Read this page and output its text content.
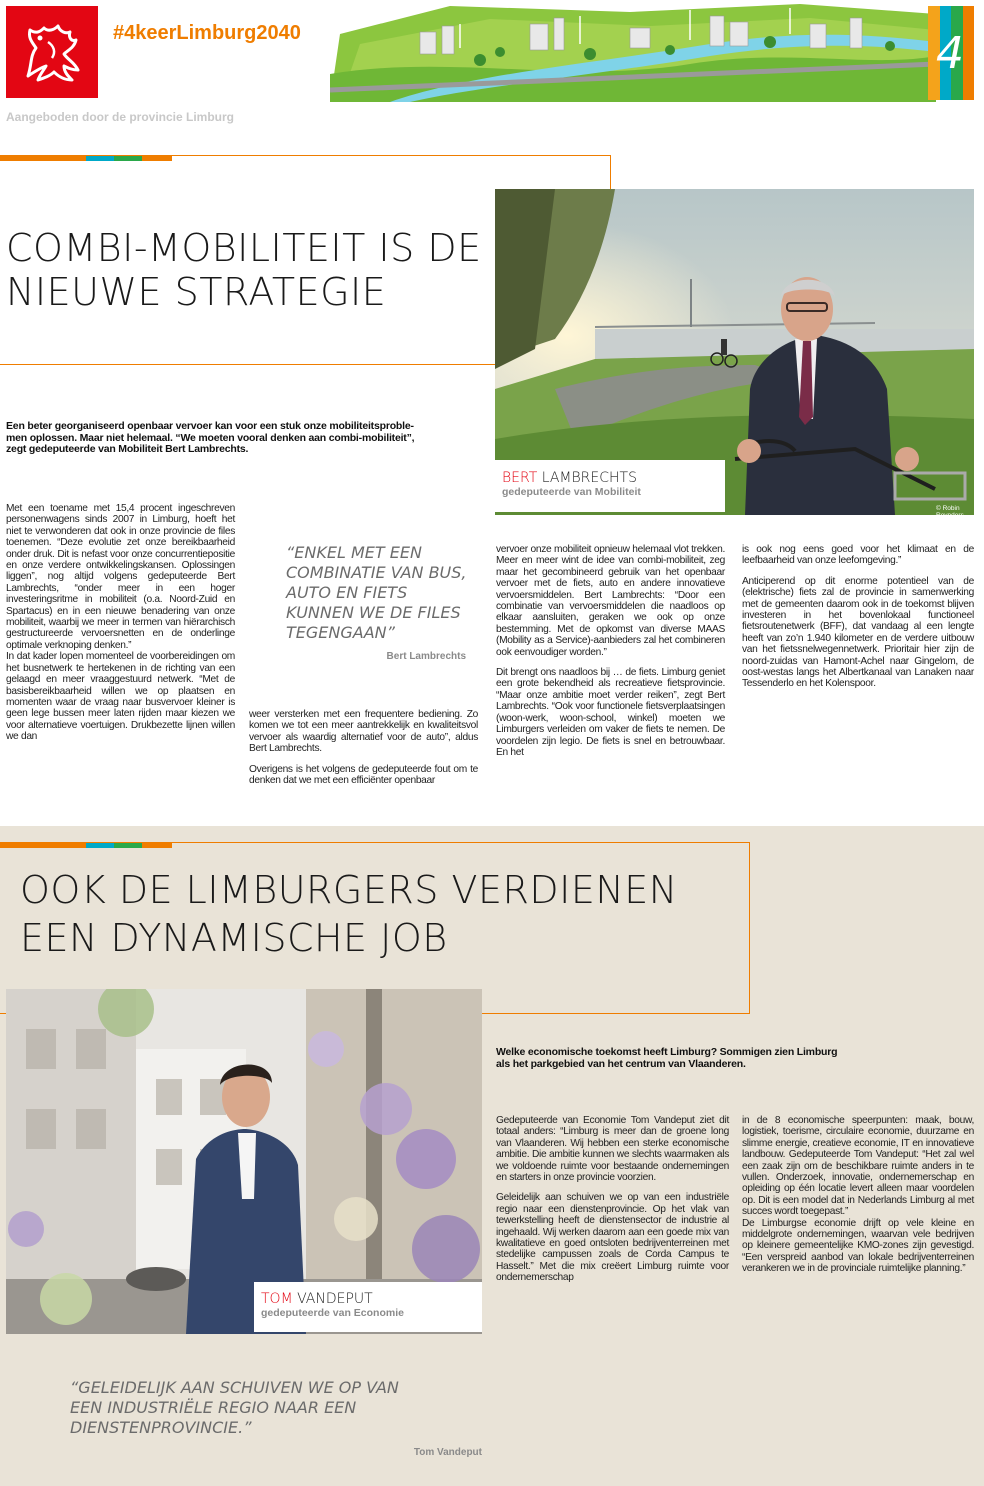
#4keerLimburg2040	4
Aangeboden door de provincie Limburg
COMBI-MOBILITEIT IS DE
NIEUWE STRATEGIE
BERT LAMBRECHTS
gedeputeerde van Mobiliteit
© Robin Reynders
Een beter georganiseerd openbaar vervoer kan voor een stuk onze mobiliteitsproble-
men oplossen. Maar niet helemaal. “We moeten vooral denken aan combi-mobiliteit”,
zegt gedeputeerde van Mobiliteit Bert Lambrechts.

Met een toename met 15,4 procent ingeschreven personenwagens sinds 2007 in Limburg, hoeft het niet te verwonderen dat ook in onze provincie de files toenemen. “Deze evolutie zet onze bereikbaarheid onder druk. Dit is nefast voor onze concurrentiepositie en onze verdere ontwikkelingskansen. Oplossingen liggen”, nog altijd volgens gedeputeerde Bert Lambrechts, “onder meer in een hoger investeringsritme in mobiliteit (o.a. Noord-Zuid en Spartacus) en in een nieuwe benadering van onze mobiliteit, waarbij we meer in termen van hiërarchisch gestructureerde vervoersnetten en de onderlinge optimale verknoping denken.”

In dat kader lopen momenteel de voorbereidingen om het busnetwerk te hertekenen in de richting van een gelaagd en meer vraaggestuurd netwerk. “Met de basisbereikbaarheid willen we op plaatsen en momenten waar de vraag naar busvervoer kleiner is geen lege bussen meer laten rijden maar kiezen we voor alternatieve voertuigen. Drukbezette lijnen willen we dan

“ENKEL MET EEN COMBINATIE VAN BUS, AUTO EN FIETS KUNNEN WE DE FILES TEGENGAAN”
Bert Lambrechts

weer versterken met een frequentere bediening. Zo komen we tot een meer aantrekkelijk en kwaliteitsvol vervoer als waardig alternatief voor de auto”, aldus Bert Lambrechts.

Overigens is het volgens de gedeputeerde fout om te denken dat we met een efficiënter openbaar

vervoer onze mobiliteit opnieuw helemaal vlot trekken. Meer en meer wint de idee van combi-mobiliteit, zeg maar het gecombineerd gebruik van het openbaar vervoer met de fiets, auto en andere innovatieve vervoersmiddelen. Bert Lambrechts: “Door een combinatie van vervoersmiddelen die naadloos op elkaar aansluiten, geraken we ook op onze bestemming. Met de opkomst van diverse MAAS (Mobility as a Service)-aanbieders zal het combineren ook eenvoudiger worden.”

Dit brengt ons naadloos bij … de fiets. Limburg geniet een grote bekendheid als recreatieve fietsprovincie. “Maar onze ambitie moet verder reiken”, zegt Bert Lambrechts. “Ook voor functionele fietsverplaatsingen (woon-werk, woon-school, winkel) moeten we Limburgers verleiden om vaker de fiets te nemen. De voordelen zijn legio. De fiets is snel en betrouwbaar. En het

is ook nog eens goed voor het klimaat en de leefbaarheid van onze leefomgeving.”

Anticiperend op dit enorme potentieel van de (elektrische) fiets zal de provincie in samenwerking met de gemeenten daarom ook in de toekomst blijven investeren in het bovenlokaal functioneel fietsroutenetwerk (BFF), dat vandaag al een lengte heeft van zo’n 1.940 kilometer en de verdere uitbouw van het fietssnelwegennetwerk. Prioritair hier zijn de noord-zuidas van Hamont-Achel naar Gingelom, de oost-westas langs het Albertkanaal van Lanaken naar Tessenderlo en het Kolenspoor.

OOK DE LIMBURGERS VERDIENEN
EEN DYNAMISCHE JOB
TOM VANDEPUT
gedeputeerde van Economie
Welke economische toekomst heeft Limburg? Sommigen zien Limburg
als het parkgebied van het centrum van Vlaanderen.

Gedeputeerde van Economie Tom Vandeput ziet dit totaal anders: “Limburg is meer dan de groene long van Vlaanderen. Wij hebben een sterke economische ambitie. Die ambitie kunnen we slechts waarmaken als we voldoende ruimte voor bestaande ondernemingen en starters in onze provincie voorzien.

Geleidelijk aan schuiven we op van een industriële regio naar een dienstenprovincie. Op het vlak van tewerkstelling heeft de dienstensector de industrie al ingehaald. Wij werken daarom aan een goede mix van kwalitatieve en goed ontsloten bedrijventerreinen met stedelijke campussen zoals de Corda Campus te Hasselt.” Met die mix creëert Limburg ruimte voor ondernemerschap

in de 8 economische speerpunten: maak, bouw, logistiek, toerisme, circulaire economie, duurzame en slimme energie, creatieve economie, IT en innovatieve landbouw. Gedeputeerde Tom Vandeput: “Het zal wel een zaak zijn om de beschikbare ruimte anders in te vullen. Onderzoek, innovatie, ondernemerschap en opleiding op één locatie levert alleen maar voordelen op. Dit is een model dat in Nederlands Limburg al met succes wordt toegepast.”

De Limburgse economie drijft op vele kleine en middelgrote ondernemingen, waarvan vele bedrijven op kleinere gemeentelijke KMO-zones zijn gevestigd. “Een verspreid aanbod van lokale bedrijventerreinen verankeren we in de provinciale ruimtelijke planning.”

“GELEIDELIJK AAN SCHUIVEN WE OP VAN EEN INDUSTRIËLE REGIO NAAR EEN DIENSTENPROVINCIE.”
Tom Vandeput
